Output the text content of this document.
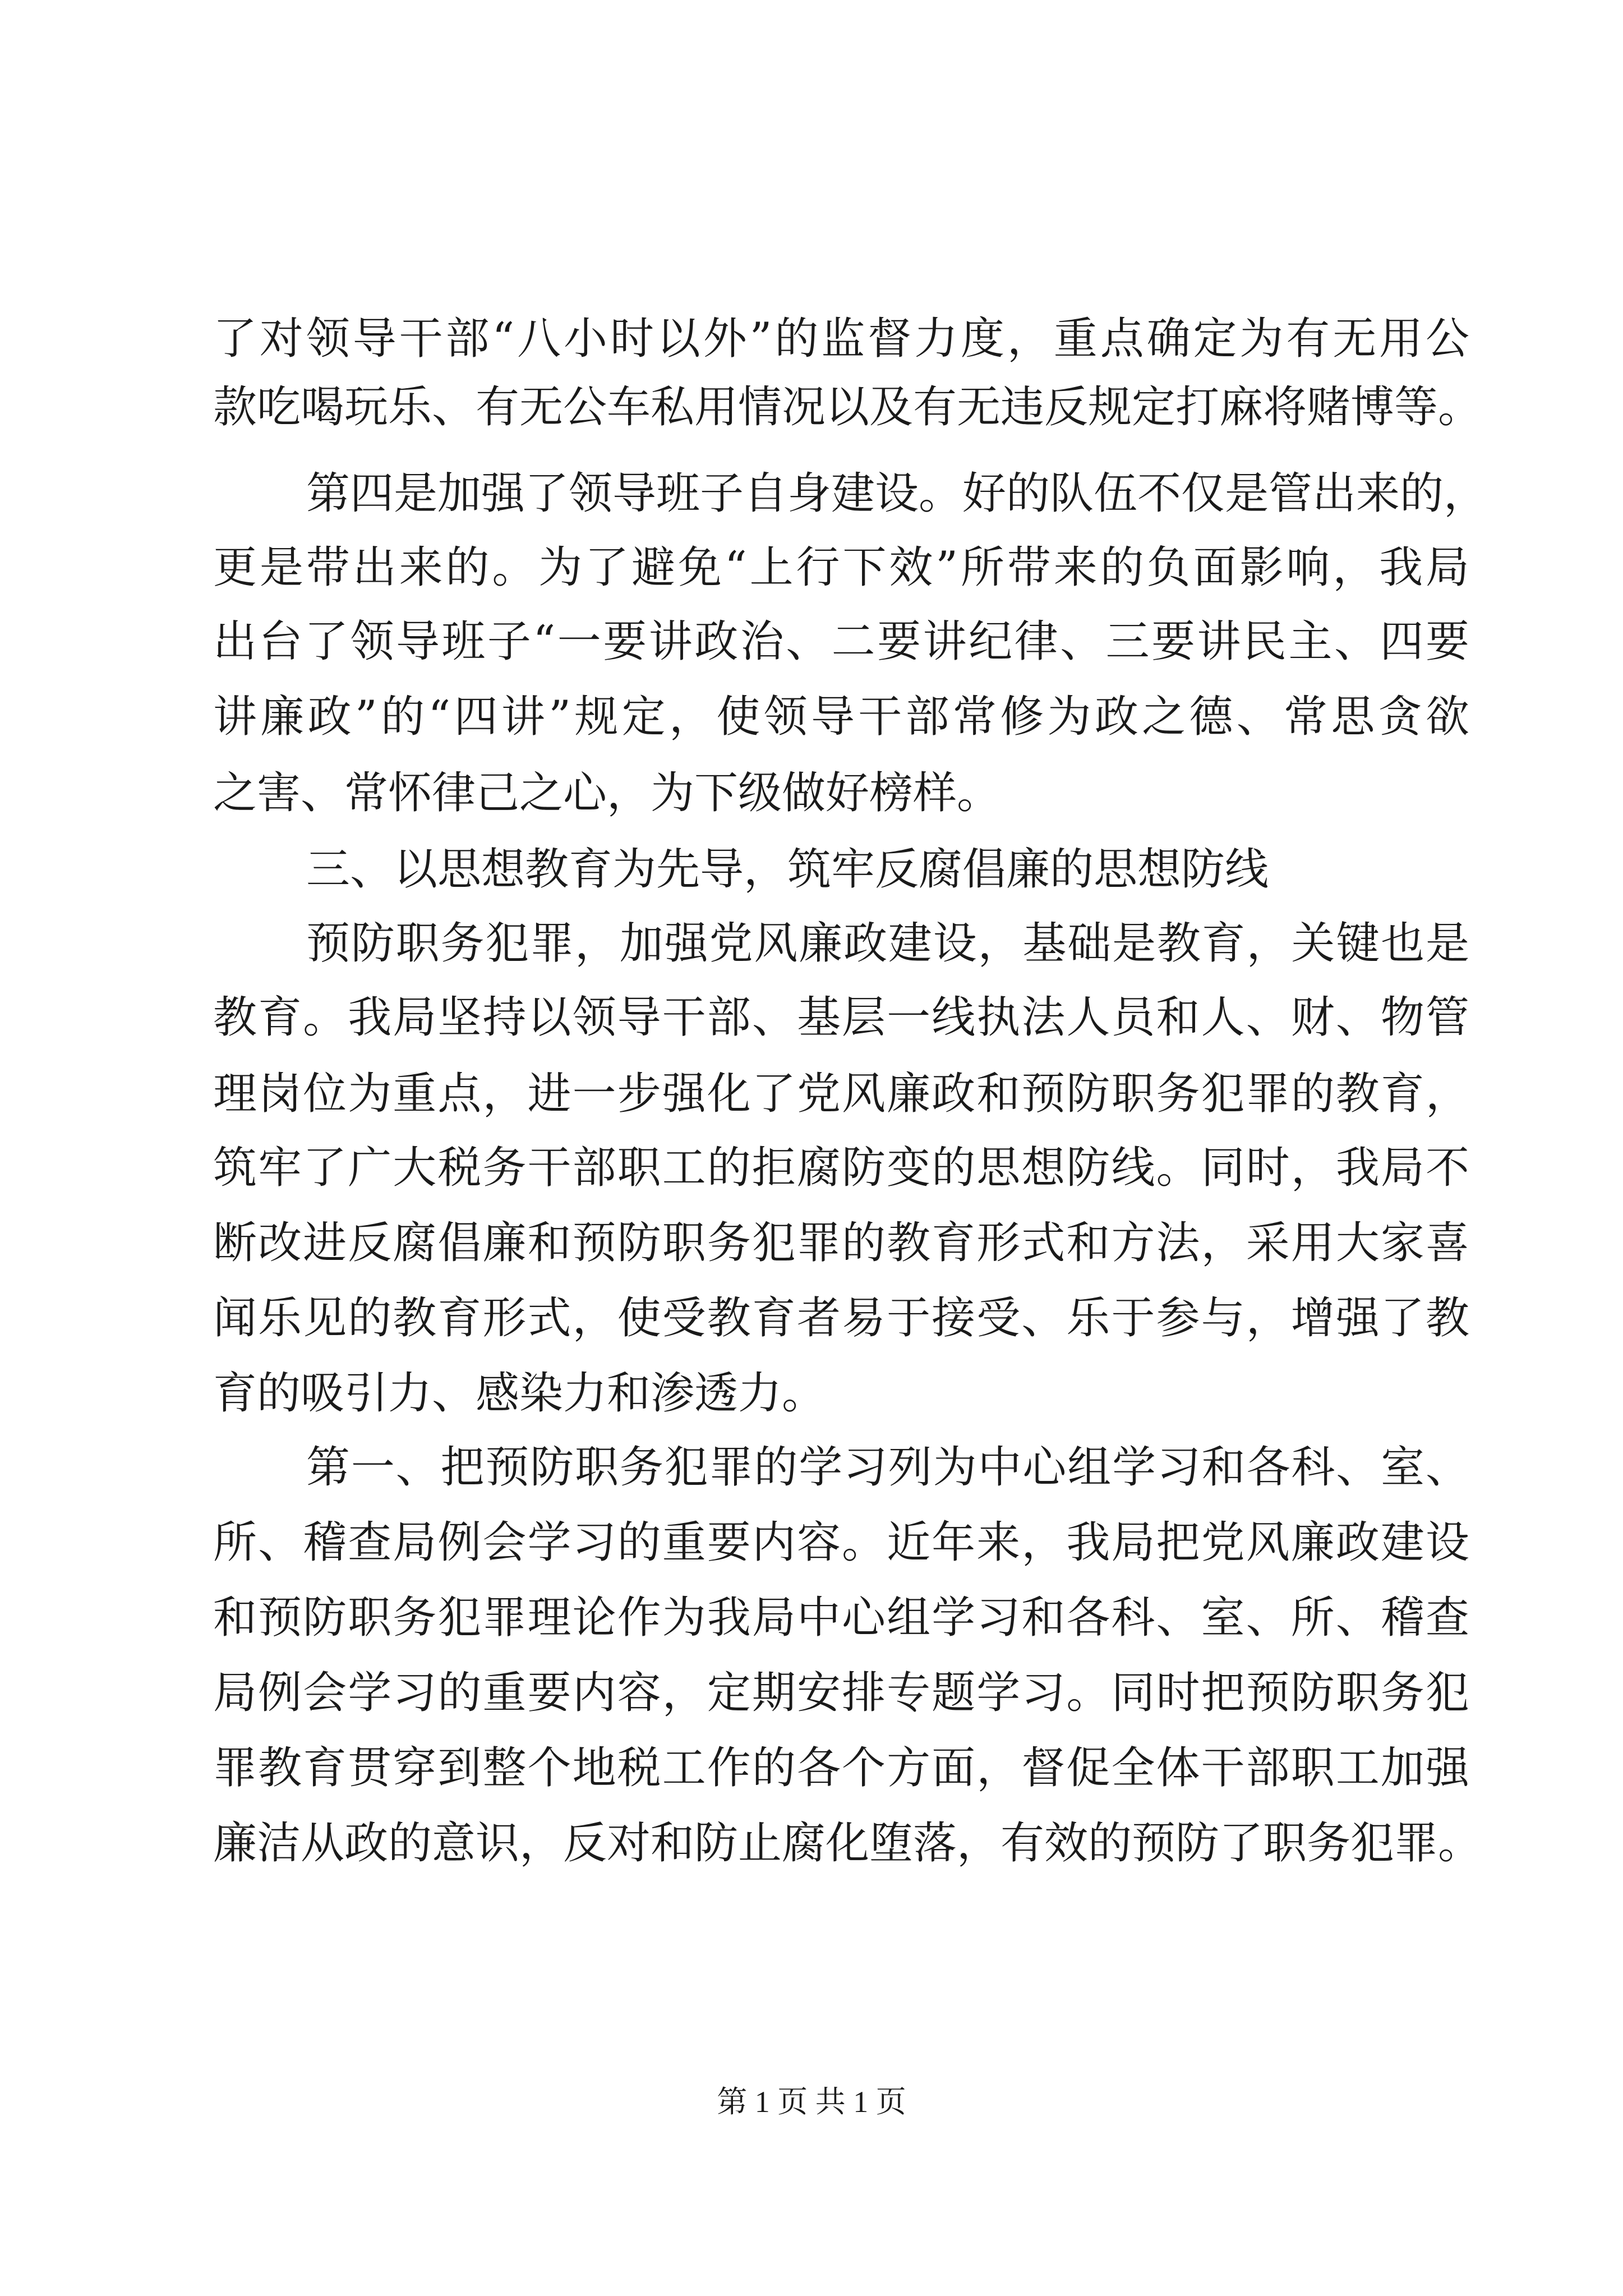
了对领导干部“八小时以外”的监督力度，重点确定为有无用公
款吃喝玩乐、有无公车私用情况以及有无违反规定打麻将赌博等。
第四是加强了领导班子自身建设。好的队伍不仅是管出来的，
更是带出来的。为了避免“上行下效”所带来的负面影响，我局
出台了领导班子“一要讲政治、二要讲纪律、三要讲民主、四要
讲廉政”的“四讲”规定，使领导干部常修为政之德、常思贪欲
之害、常怀律己之心，为下级做好榜样。
三、以思想教育为先导，筑牢反腐倡廉的思想防线
预防职务犯罪，加强党风廉政建设，基础是教育，关键也是
教育。我局坚持以领导干部、基层一线执法人员和人、财、物管
理岗位为重点，进一步强化了党风廉政和预防职务犯罪的教育，
筑牢了广大税务干部职工的拒腐防变的思想防线。同时，我局不
断改进反腐倡廉和预防职务犯罪的教育形式和方法，采用大家喜
闻乐见的教育形式，使受教育者易于接受、乐于参与，增强了教
育的吸引力、感染力和渗透力。
第一、把预防职务犯罪的学习列为中心组学习和各科、室、
所、稽查局例会学习的重要内容。近年来，我局把党风廉政建设
和预防职务犯罪理论作为我局中心组学习和各科、室、所、稽查
局例会学习的重要内容，定期安排专题学习。同时把预防职务犯
罪教育贯穿到整个地税工作的各个方面，督促全体干部职工加强
廉洁从政的意识，反对和防止腐化堕落，有效的预防了职务犯罪。
第 1 页 共 1 页
